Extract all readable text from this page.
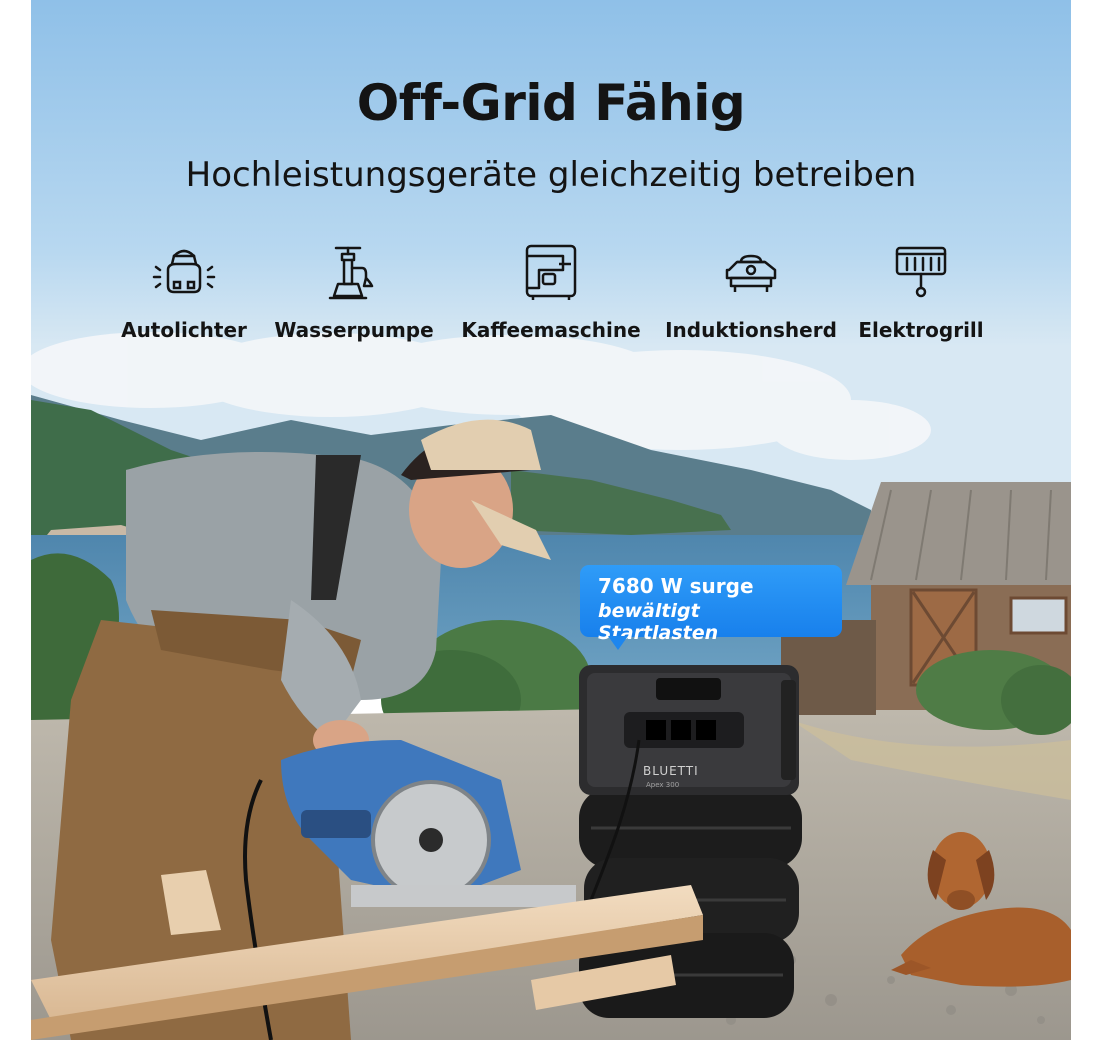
BLUETTI
Apex 300
Off-Grid Fähig
Hochleistungsgeräte gleichzeitig betreiben
Autolichter	Wasserpumpe	Kaffeemaschine	Induktionsherd	Elektrogrill
7680 W surge
bewältigt Startlasten
